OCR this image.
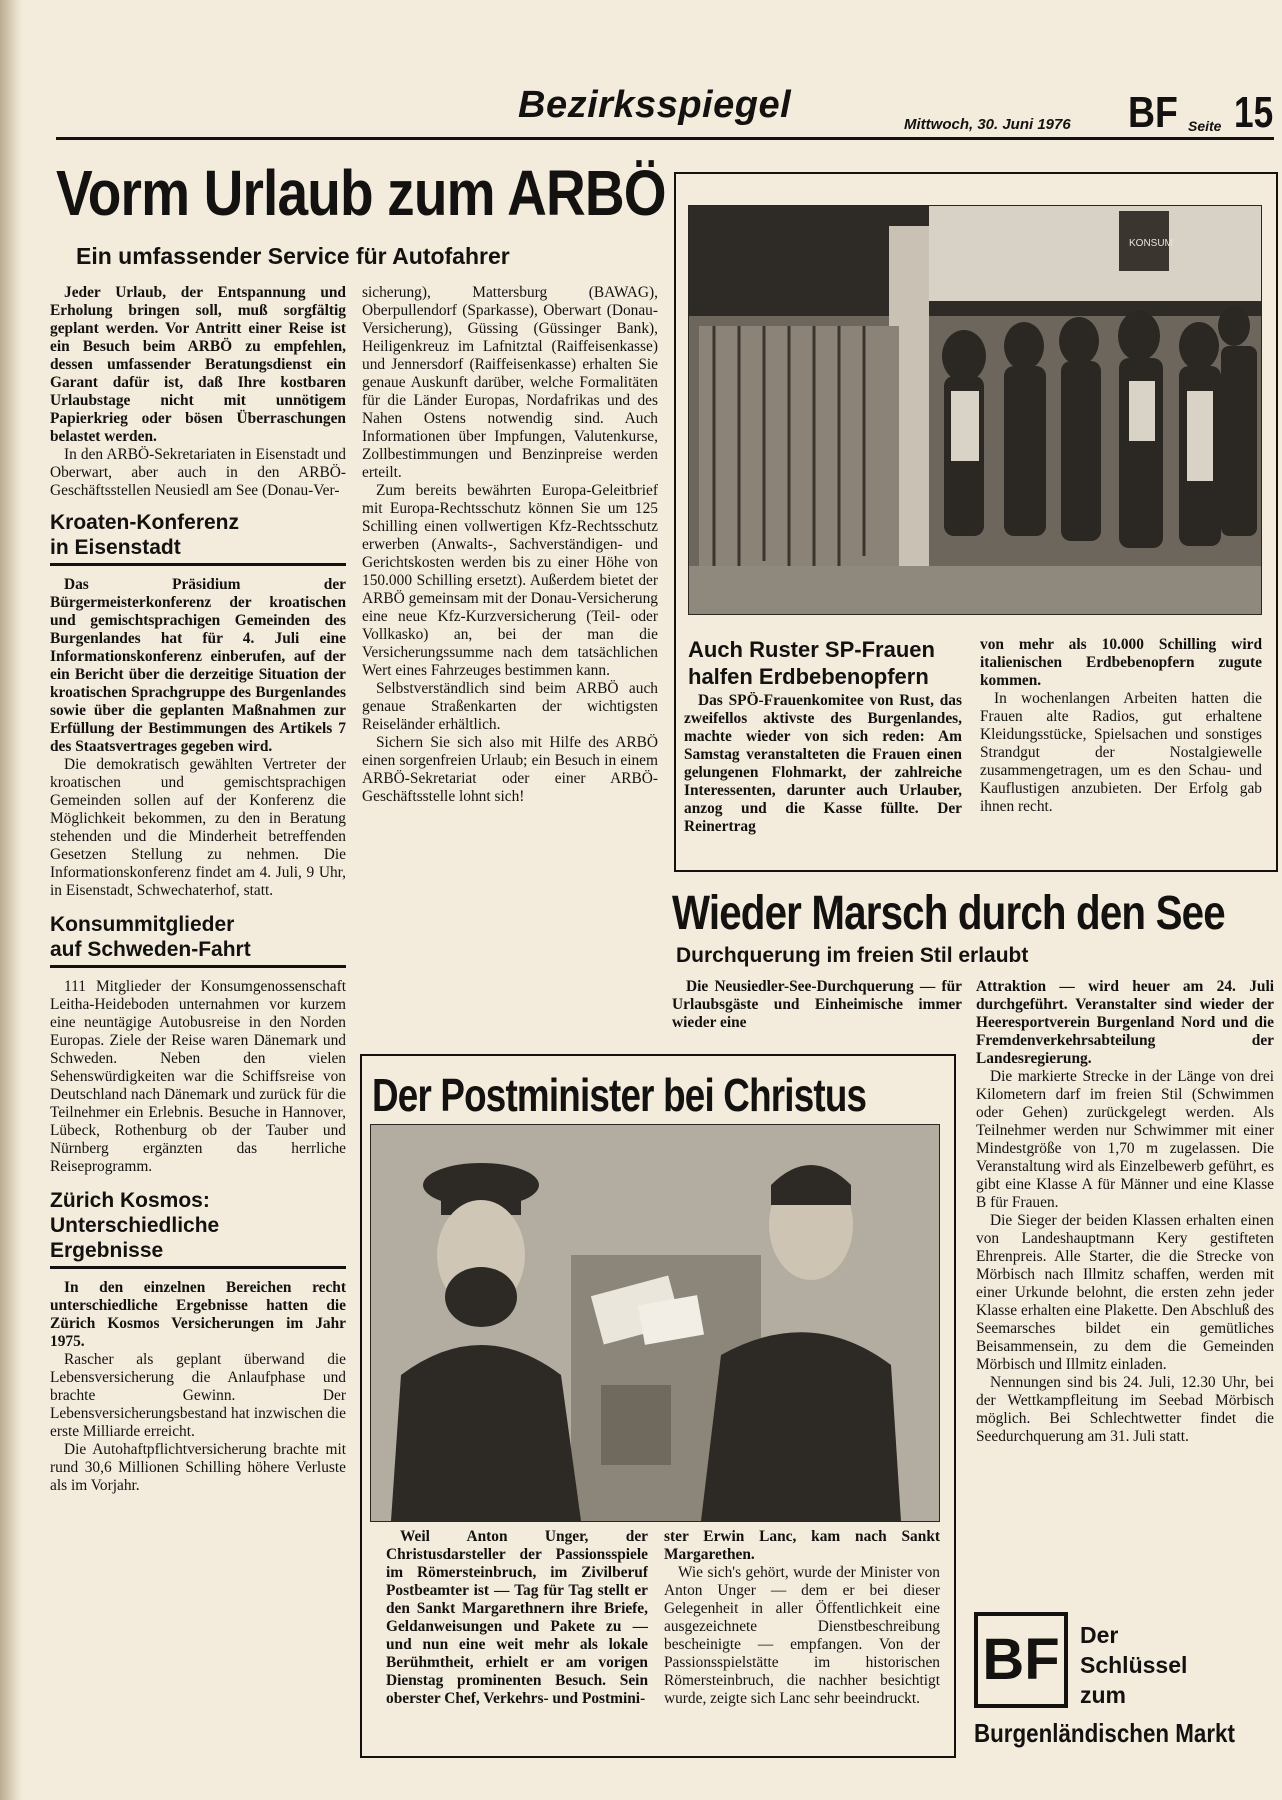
Bezirksspiegel	Mittwoch, 30. Juni 1976 BF Seite 15
Vorm Urlaub zum ARBÖ
Ein umfassender Service für Autofahrer

Jeder Urlaub, der Entspannung und Erholung bringen soll, muß sorgfältig geplant werden. Vor Antritt einer Reise ist ein Besuch beim ARBÖ zu empfehlen, dessen umfassender Beratungsdienst ein Garant dafür ist, daß Ihre kostbaren Urlaubstage nicht mit unnötigem Papierkrieg oder bösen Überraschungen belastet werden.

In den ARBÖ-Sekretariaten in Eisenstadt und Oberwart, aber auch in den ARBÖ-Geschäftsstellen Neusiedl am See (Donau-Ver-

Kroaten-Konferenz
in Eisenstadt

Das Präsidium der Bürgermeisterkonferenz der kroatischen und gemischtsprachigen Gemeinden des Burgenlandes hat für 4. Juli eine Informationskonferenz einberufen, auf der ein Bericht über die derzeitige Situation der kroatischen Sprachgruppe des Burgenlandes sowie über die geplanten Maßnahmen zur Erfüllung der Bestimmungen des Artikels 7 des Staatsvertrages gegeben wird.

Die demokratisch gewählten Vertreter der kroatischen und gemischtsprachigen Gemeinden sollen auf der Konferenz die Möglichkeit bekommen, zu den in Beratung stehenden und die Minderheit betreffenden Gesetzen Stellung zu nehmen. Die Informationskonferenz findet am 4. Juli, 9 Uhr, in Eisenstadt, Schwechaterhof, statt.

Konsummitglieder
auf Schweden-Fahrt

111 Mitglieder der Konsumgenossenschaft Leitha-Heideboden unternahmen vor kurzem eine neuntägige Autobusreise in den Norden Europas. Ziele der Reise waren Dänemark und Schweden. Neben den vielen Sehenswürdigkeiten war die Schiffsreise von Deutschland nach Dänemark und zurück für die Teilnehmer ein Erlebnis. Besuche in Hannover, Lübeck, Rothenburg ob der Tauber und Nürnberg ergänzten das herrliche Reiseprogramm.

Zürich Kosmos:
Unterschiedliche
Ergebnisse

In den einzelnen Bereichen recht unterschiedliche Ergebnisse hatten die Zürich Kosmos Versicherungen im Jahr 1975.

Rascher als geplant überwand die Lebensversicherung die Anlaufphase und brachte Gewinn. Der Lebensversicherungsbestand hat inzwischen die erste Milliarde erreicht.

Die Autohaftpflichtversicherung brachte mit rund 30,6 Millionen Schilling höhere Verluste als im Vorjahr.

sicherung), Mattersburg (BAWAG), Oberpullendorf (Sparkasse), Oberwart (Donau-Versicherung), Güssing (Güssinger Bank), Heiligenkreuz im Lafnitztal (Raiffeisenkasse) und Jennersdorf (Raiffeisenkasse) erhalten Sie genaue Auskunft darüber, welche Formalitäten für die Länder Europas, Nordafrikas und des Nahen Ostens notwendig sind. Auch Informationen über Impfungen, Valutenkurse, Zollbestimmungen und Benzinpreise werden erteilt.

Zum bereits bewährten Europa-Geleitbrief mit Europa-Rechtsschutz können Sie um 125 Schilling einen vollwertigen Kfz-Rechtsschutz erwerben (Anwalts-, Sachverständigen- und Gerichtskosten werden bis zu einer Höhe von 150.000 Schilling ersetzt). Außerdem bietet der ARBÖ gemeinsam mit der Donau-Versicherung eine neue Kfz-Kurzversicherung (Teil- oder Vollkasko) an, bei der man die Versicherungssumme nach dem tatsächlichen Wert eines Fahrzeuges bestimmen kann.

Selbstverständlich sind beim ARBÖ auch genaue Straßenkarten der wichtigsten Reiseländer erhältlich.

Sichern Sie sich also mit Hilfe des ARBÖ einen sorgenfreien Urlaub; ein Besuch in einem ARBÖ-Sekretariat oder einer ARBÖ-Geschäftsstelle lohnt sich!

KONSUM
Auch Ruster SP-Frauen
halfen Erdbebenopfern

Das SPÖ-Frauenkomitee von Rust, das zweifellos aktivste des Burgenlandes, machte wieder von sich reden: Am Samstag veranstalteten die Frauen einen gelungenen Flohmarkt, der zahlreiche Interessenten, darunter auch Urlauber, anzog und die Kasse füllte. Der Reinertrag

von mehr als 10.000 Schilling wird italienischen Erdbebenopfern zugute kommen.

In wochenlangen Arbeiten hatten die Frauen alte Radios, gut erhaltene Kleidungsstücke, Spielsachen und sonstiges Strandgut der Nostalgiewelle zusammengetragen, um es den Schau- und Kauflustigen anzubieten. Der Erfolg gab ihnen recht.

Wieder Marsch durch den See
Durchquerung im freien Stil erlaubt

Die Neusiedler-See-Durchquerung — für Urlaubsgäste und Einheimische immer wieder eine

Attraktion — wird heuer am 24. Juli durchgeführt. Veranstalter sind wieder der Heeresportverein Burgenland Nord und die Fremdenverkehrsabteilung der Landesregierung.

Die markierte Strecke in der Länge von drei Kilometern darf im freien Stil (Schwimmen oder Gehen) zurückgelegt werden. Als Teilnehmer werden nur Schwimmer mit einer Mindestgröße von 1,70 m zugelassen. Die Veranstaltung wird als Einzelbewerb geführt, es gibt eine Klasse A für Männer und eine Klasse B für Frauen.

Die Sieger der beiden Klassen erhalten einen von Landeshauptmann Kery gestifteten Ehrenpreis. Alle Starter, die die Strecke von Mörbisch nach Illmitz schaffen, werden mit einer Urkunde belohnt, die ersten zehn jeder Klasse erhalten eine Plakette. Den Abschluß des Seemarsches bildet ein gemütliches Beisammensein, zu dem die Gemeinden Mörbisch und Illmitz einladen.

Nennungen sind bis 24. Juli, 12.30 Uhr, bei der Wettkampfleitung im Seebad Mörbisch möglich. Bei Schlechtwetter findet die Seedurchquerung am 31. Juli statt.

Der Postminister bei Christus

Weil Anton Unger, der Christusdarsteller der Passionsspiele im Römersteinbruch, im Zivilberuf Postbeamter ist — Tag für Tag stellt er den Sankt Margarethnern ihre Briefe, Geldanweisungen und Pakete zu — und nun eine weit mehr als lokale Berühmtheit, erhielt er am vorigen Dienstag prominenten Besuch. Sein oberster Chef, Verkehrs- und Postmini-

ster Erwin Lanc, kam nach Sankt Margarethen.

Wie sich's gehört, wurde der Minister von Anton Unger — dem er bei dieser Gelegenheit in aller Öffentlichkeit eine ausgezeichnete Dienstbeschreibung bescheinigte — empfangen. Von der Passionsspielstätte im historischen Römersteinbruch, die nachher besichtigt wurde, zeigte sich Lanc sehr beeindruckt.

BF Der
Schlüssel
zum
Burgenländischen Markt
